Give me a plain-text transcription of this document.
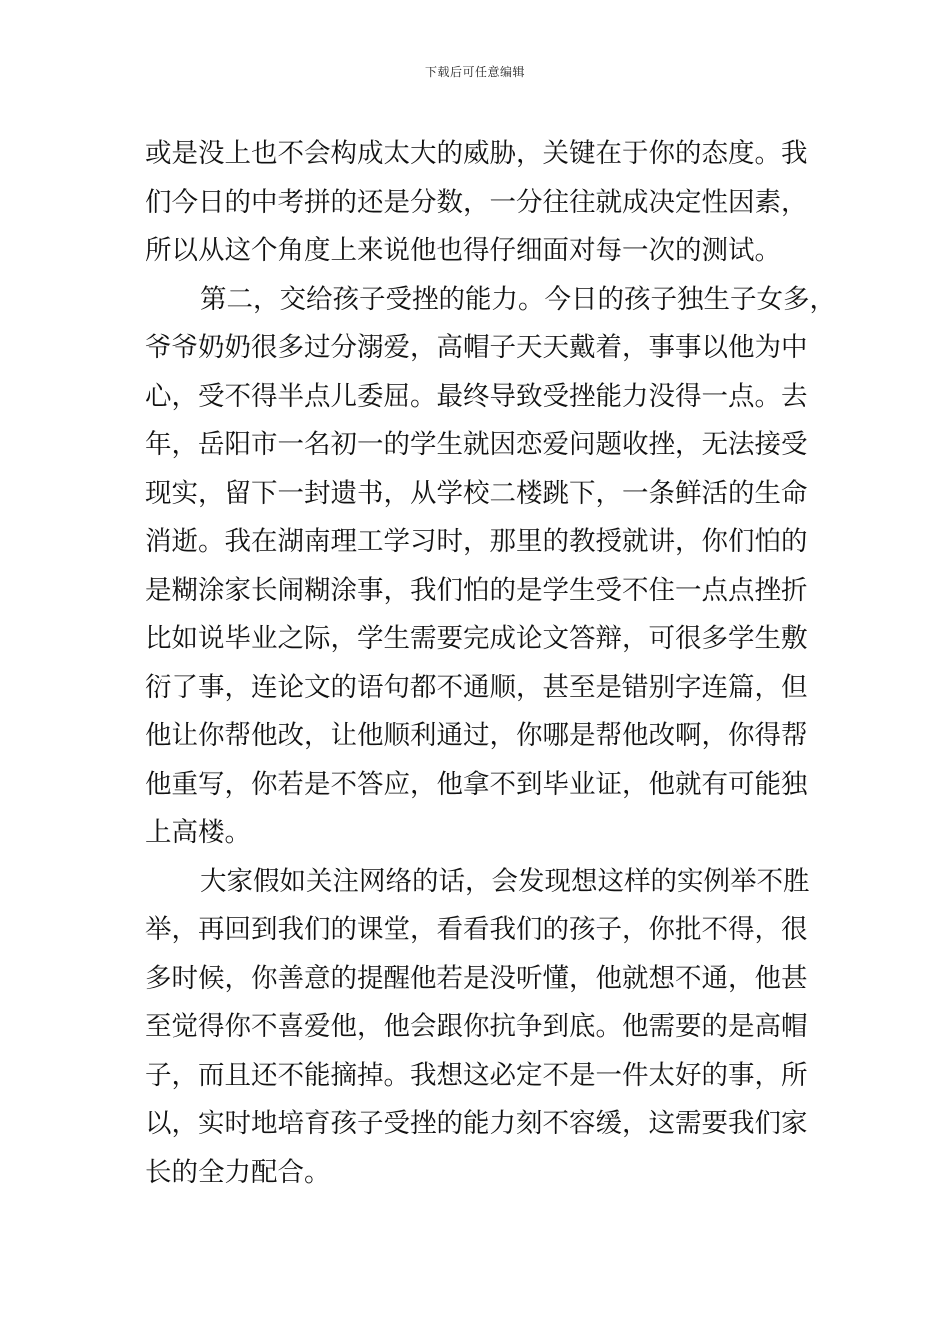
下载后可任意编辑
或是没上也不会构成太大的威胁，关键在于你的态度。我
们今日的中考拼的还是分数，一分往往就成决定性因素，
所以从这个角度上来说他也得仔细面对每一次的测试。
第二，交给孩子受挫的能力。今日的孩子独生子女多，
爷爷奶奶很多过分溺爱，高帽子天天戴着，事事以他为中
心，受不得半点儿委屈。最终导致受挫能力没得一点。去
年，岳阳市一名初一的学生就因恋爱问题收挫，无法接受
现实，留下一封遗书，从学校二楼跳下，一条鲜活的生命
消逝。我在湖南理工学习时，那里的教授就讲，你们怕的
是糊涂家长闹糊涂事，我们怕的是学生受不住一点点挫折
比如说毕业之际，学生需要完成论文答辩，可很多学生敷
衍了事，连论文的语句都不通顺，甚至是错别字连篇，但
他让你帮他改，让他顺利通过，你哪是帮他改啊，你得帮
他重写，你若是不答应，他拿不到毕业证，他就有可能独
上高楼。
大家假如关注网络的话，会发现想这样的实例举不胜
举，再回到我们的课堂，看看我们的孩子，你批不得，很
多时候，你善意的提醒他若是没听懂，他就想不通，他甚
至觉得你不喜爱他，他会跟你抗争到底。他需要的是高帽
子，而且还不能摘掉。我想这必定不是一件太好的事，所
以，实时地培育孩子受挫的能力刻不容缓，这需要我们家
长的全力配合。
